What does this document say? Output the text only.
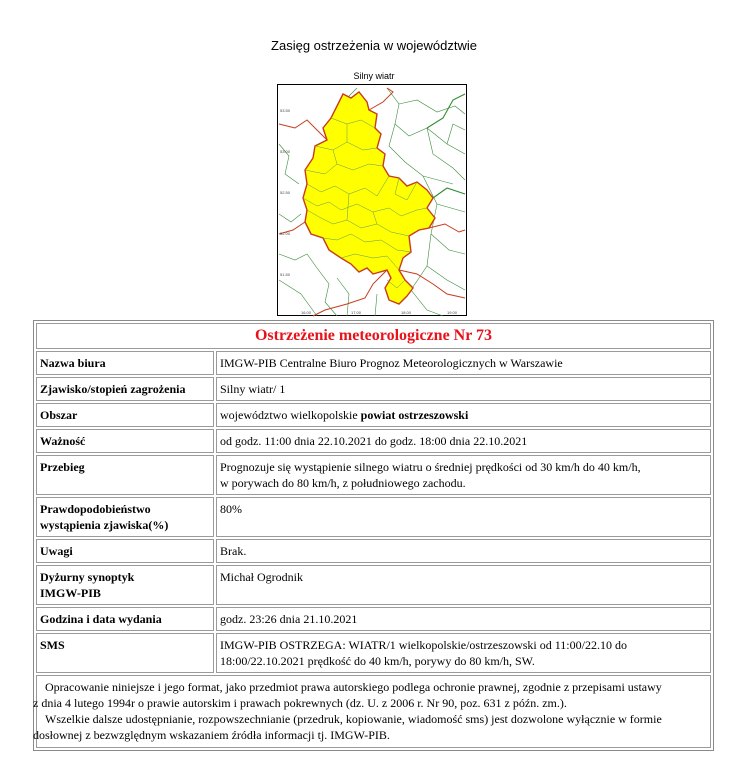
Zasięg ostrzeżenia w województwie
Silny wiatr
53.50
53.00
52.50
52.00
51.50
16.00	17.00	18.00	19.00
Ostrzeżenie meteorologiczne Nr 73	
Nazwa biura	IMGW-PIB Centralne Biuro Prognoz Meteorologicznych w Warszawie
Zjawisko/stopień zagrożenia	Silny wiatr/ 1
Obszar	województwo wielkopolskie powiat ostrzeszowski
Ważność	od godz. 11:00 dnia 22.10.2021 do godz. 18:00 dnia 22.10.2021
Przebieg	Prognozuje się wystąpienie silnego wiatru o średniej prędkości od 30 km/h do 40 km/h,
w porywach do 80 km/h, z południowego zachodu.
Prawdopodobieństwo
wystąpienia zjawiska(%)	80%
Uwagi	Brak.
Dyżurny synoptyk
IMGW-PIB	Michał Ogrodnik
Godzina i data wydania	godz. 23:26 dnia 21.10.2021
SMS	IMGW-PIB OSTRZEGA: WIATR/1 wielkopolskie/ostrzeszowski od 11:00/22.10 do
18:00/22.10.2021 prędkość do 40 km/h, porywy do 80 km/h, SW.

Opracowanie niniejsze i jego format, jako przedmiot prawa autorskiego podlega ochronie prawnej, zgodnie z przepisami ustawy
z dnia 4 lutego 1994r o prawie autorskim i prawach pokrewnych (dz. U. z 2006 r. Nr 90, poz. 631 z późn. zm.).

Wszelkie dalsze udostępnianie, rozpowszechnianie (przedruk, kopiowanie, wiadomość sms) jest dozwolone wyłącznie w formie
dosłownej z bezwzględnym wskazaniem źródła informacji tj. IMGW-PIB.	
